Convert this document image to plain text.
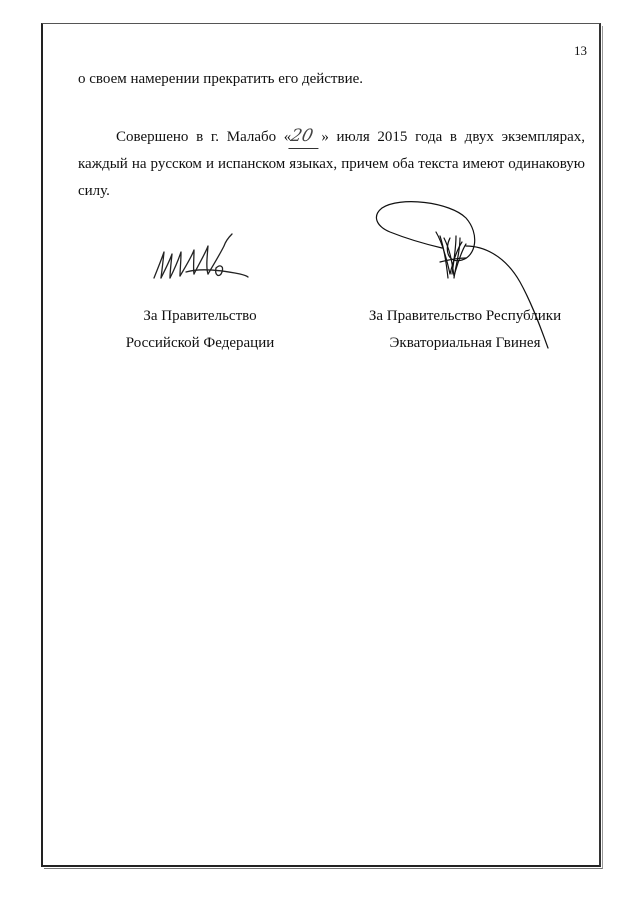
13
о своем намерении прекратить его действие.
Совершено в г. Малабо «20 » июля 2015 года в двух экземплярах, каждый на русском и испанском языках, причем оба текста имеют одинаковую силу.
За Правительство
Российской Федерации
За Правительство Республики
Экваториальная Гвинея
